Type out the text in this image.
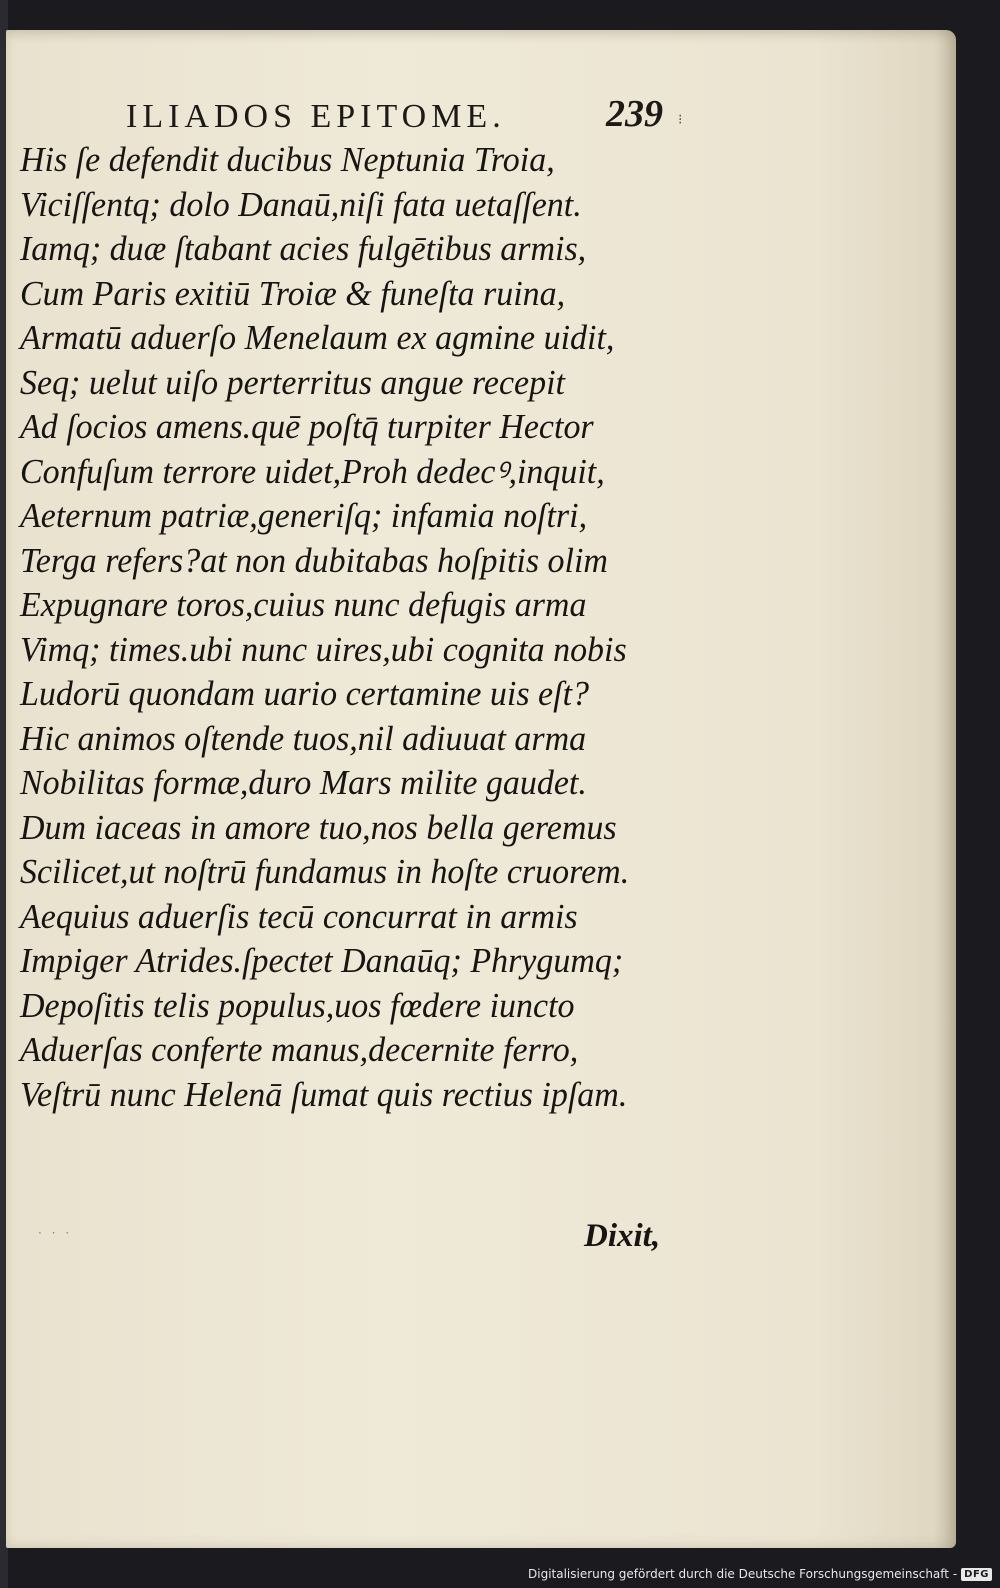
ILIADOS EPITOME.	239 ⁝
His ſe defendit ducibus Neptunia Troia,
Viciſſentq; dolo Danaū,niſi fata uetaſſent.
Iamq; duæ ſtabant acies fulgētibus armis,
Cum Paris exitiū Troiæ & funeſta ruina,
Armatū aduerſo Menelaum ex agmine uidit,
Seq; uelut uiſo perterritus angue recepit
Ad ſocios amens.quē poſtq̄ turpiter Hector
Confuſum terrore uidet,Proh dedecꝰ,inquit,
Aeternum patriæ,generiſq; infamia noſtri,
Terga refers?at non dubitabas hoſpitis olim
Expugnare toros,cuius nunc defugis arma
Vimq; times.ubi nunc uires,ubi cognita nobis
Ludorū quondam uario certamine uis eſt?
Hic animos oſtende tuos,nil adiuuat arma
Nobilitas formæ,duro Mars milite gaudet.
Dum iaceas in amore tuo,nos bella geremus
Scilicet,ut noſtrū fundamus in hoſte cruorem.
Aequius aduerſis tecū concurrat in armis
Impiger Atrides.ſpectet Danaūq; Phrygumq;
Depoſitis telis populus,uos fœdere iuncto
Aduerſas conferte manus,decernite ferro,
Veſtrū nunc Helenā ſumat quis rectius ipſam.
· · ·	Dixit,
Digitalisierung gefördert durch die Deutsche Forschungsgemeinschaft - DFG
